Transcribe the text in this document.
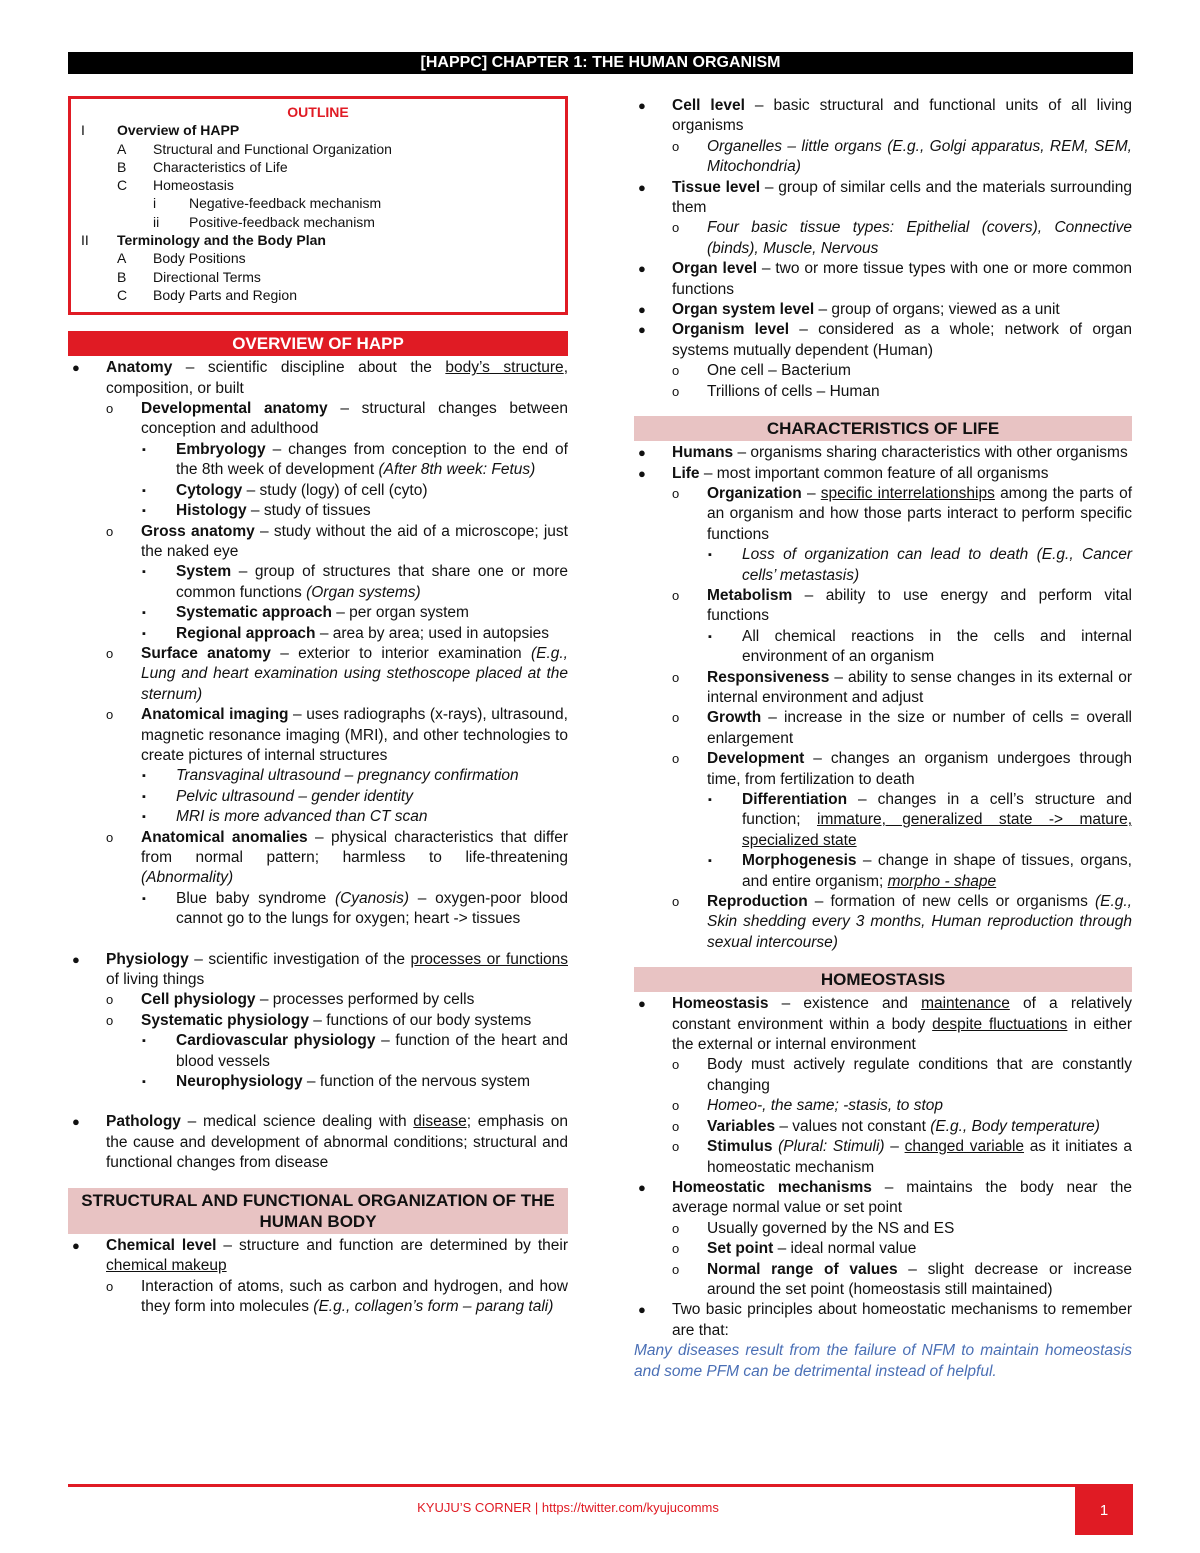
[HAPPC] CHAPTER 1: THE HUMAN ORGANISM
OUTLINE
I	Overview of HAPP
A	Structural and Functional Organization
B	Characteristics of Life
C	Homeostasis
i	Negative-feedback mechanism
ii	Positive-feedback mechanism
II	Terminology and the Body Plan
A	Body Positions
B	Directional Terms
C	Body Parts and Region
OVERVIEW OF HAPP
● Anatomy – scientific discipline about the body’s structure, composition, or built
o Developmental anatomy – structural changes between conception and adulthood
▪ Embryology – changes from conception to the end of the 8th week of development (After 8th week: Fetus)
▪ Cytology – study (logy) of cell (cyto)
▪ Histology – study of tissues
o Gross anatomy – study without the aid of a microscope; just the naked eye
▪ System – group of structures that share one or more common functions (Organ systems)
▪ Systematic approach – per organ system
▪ Regional approach – area by area; used in autopsies
o Surface anatomy – exterior to interior examination (E.g., Lung and heart examination using stethoscope placed at the sternum)
o Anatomical imaging – uses radiographs (x-rays), ultrasound, magnetic resonance imaging (MRI), and other technologies to create pictures of internal structures
▪ Transvaginal ultrasound – pregnancy confirmation
▪ Pelvic ultrasound – gender identity
▪ MRI is more advanced than CT scan
o Anatomical anomalies – physical characteristics that differ from normal pattern; harmless to life-threatening (Abnormality)
▪ Blue baby syndrome (Cyanosis) – oxygen-poor blood cannot go to the lungs for oxygen; heart -> tissues
● Physiology – scientific investigation of the processes or functions of living things
o Cell physiology – processes performed by cells
o Systematic physiology – functions of our body systems
▪ Cardiovascular physiology – function of the heart and blood vessels
▪ Neurophysiology – function of the nervous system
● Pathology – medical science dealing with disease; emphasis on the cause and development of abnormal conditions; structural and functional changes from disease
STRUCTURAL AND FUNCTIONAL ORGANIZATION OF THE HUMAN BODY
● Chemical level – structure and function are determined by their chemical makeup
o Interaction of atoms, such as carbon and hydrogen, and how they form into molecules (E.g., collagen’s form – parang tali)
● Cell level – basic structural and functional units of all living organisms
o Organelles – little organs (E.g., Golgi apparatus, REM, SEM, Mitochondria)
● Tissue level – group of similar cells and the materials surrounding them
o Four basic tissue types: Epithelial (covers), Connective (binds), Muscle, Nervous
● Organ level – two or more tissue types with one or more common functions
● Organ system level – group of organs; viewed as a unit
● Organism level – considered as a whole; network of organ systems mutually dependent (Human)
o One cell – Bacterium
o Trillions of cells – Human
CHARACTERISTICS OF LIFE
● Humans – organisms sharing characteristics with other organisms
● Life – most important common feature of all organisms
o Organization – specific interrelationships among the parts of an organism and how those parts interact to perform specific functions
▪ Loss of organization can lead to death (E.g., Cancer cells’ metastasis)
o Metabolism – ability to use energy and perform vital functions
▪ All chemical reactions in the cells and internal environment of an organism
o Responsiveness – ability to sense changes in its external or internal environment and adjust
o Growth – increase in the size or number of cells = overall enlargement
o Development – changes an organism undergoes through time, from fertilization to death
▪ Differentiation – changes in a cell’s structure and function; immature, generalized state -> mature, specialized state
▪ Morphogenesis – change in shape of tissues, organs, and entire organism; morpho - shape
o Reproduction – formation of new cells or organisms (E.g., Skin shedding every 3 months, Human reproduction through sexual intercourse)
HOMEOSTASIS
● Homeostasis – existence and maintenance of a relatively constant environment within a body despite fluctuations in either the external or internal environment
o Body must actively regulate conditions that are constantly changing
o Homeo-, the same; -stasis, to stop
o Variables – values not constant (E.g., Body temperature)
o Stimulus (Plural: Stimuli) – changed variable as it initiates a homeostatic mechanism
● Homeostatic mechanisms – maintains the body near the average normal value or set point
o Usually governed by the NS and ES
o Set point – ideal normal value
o Normal range of values – slight decrease or increase around the set point (homeostasis still maintained)
● Two basic principles about homeostatic mechanisms to remember are that:
Many diseases result from the failure of NFM to maintain homeostasis and some PFM can be detrimental instead of helpful.
KYUJU’S CORNER | https://twitter.com/kyujucomms	1
